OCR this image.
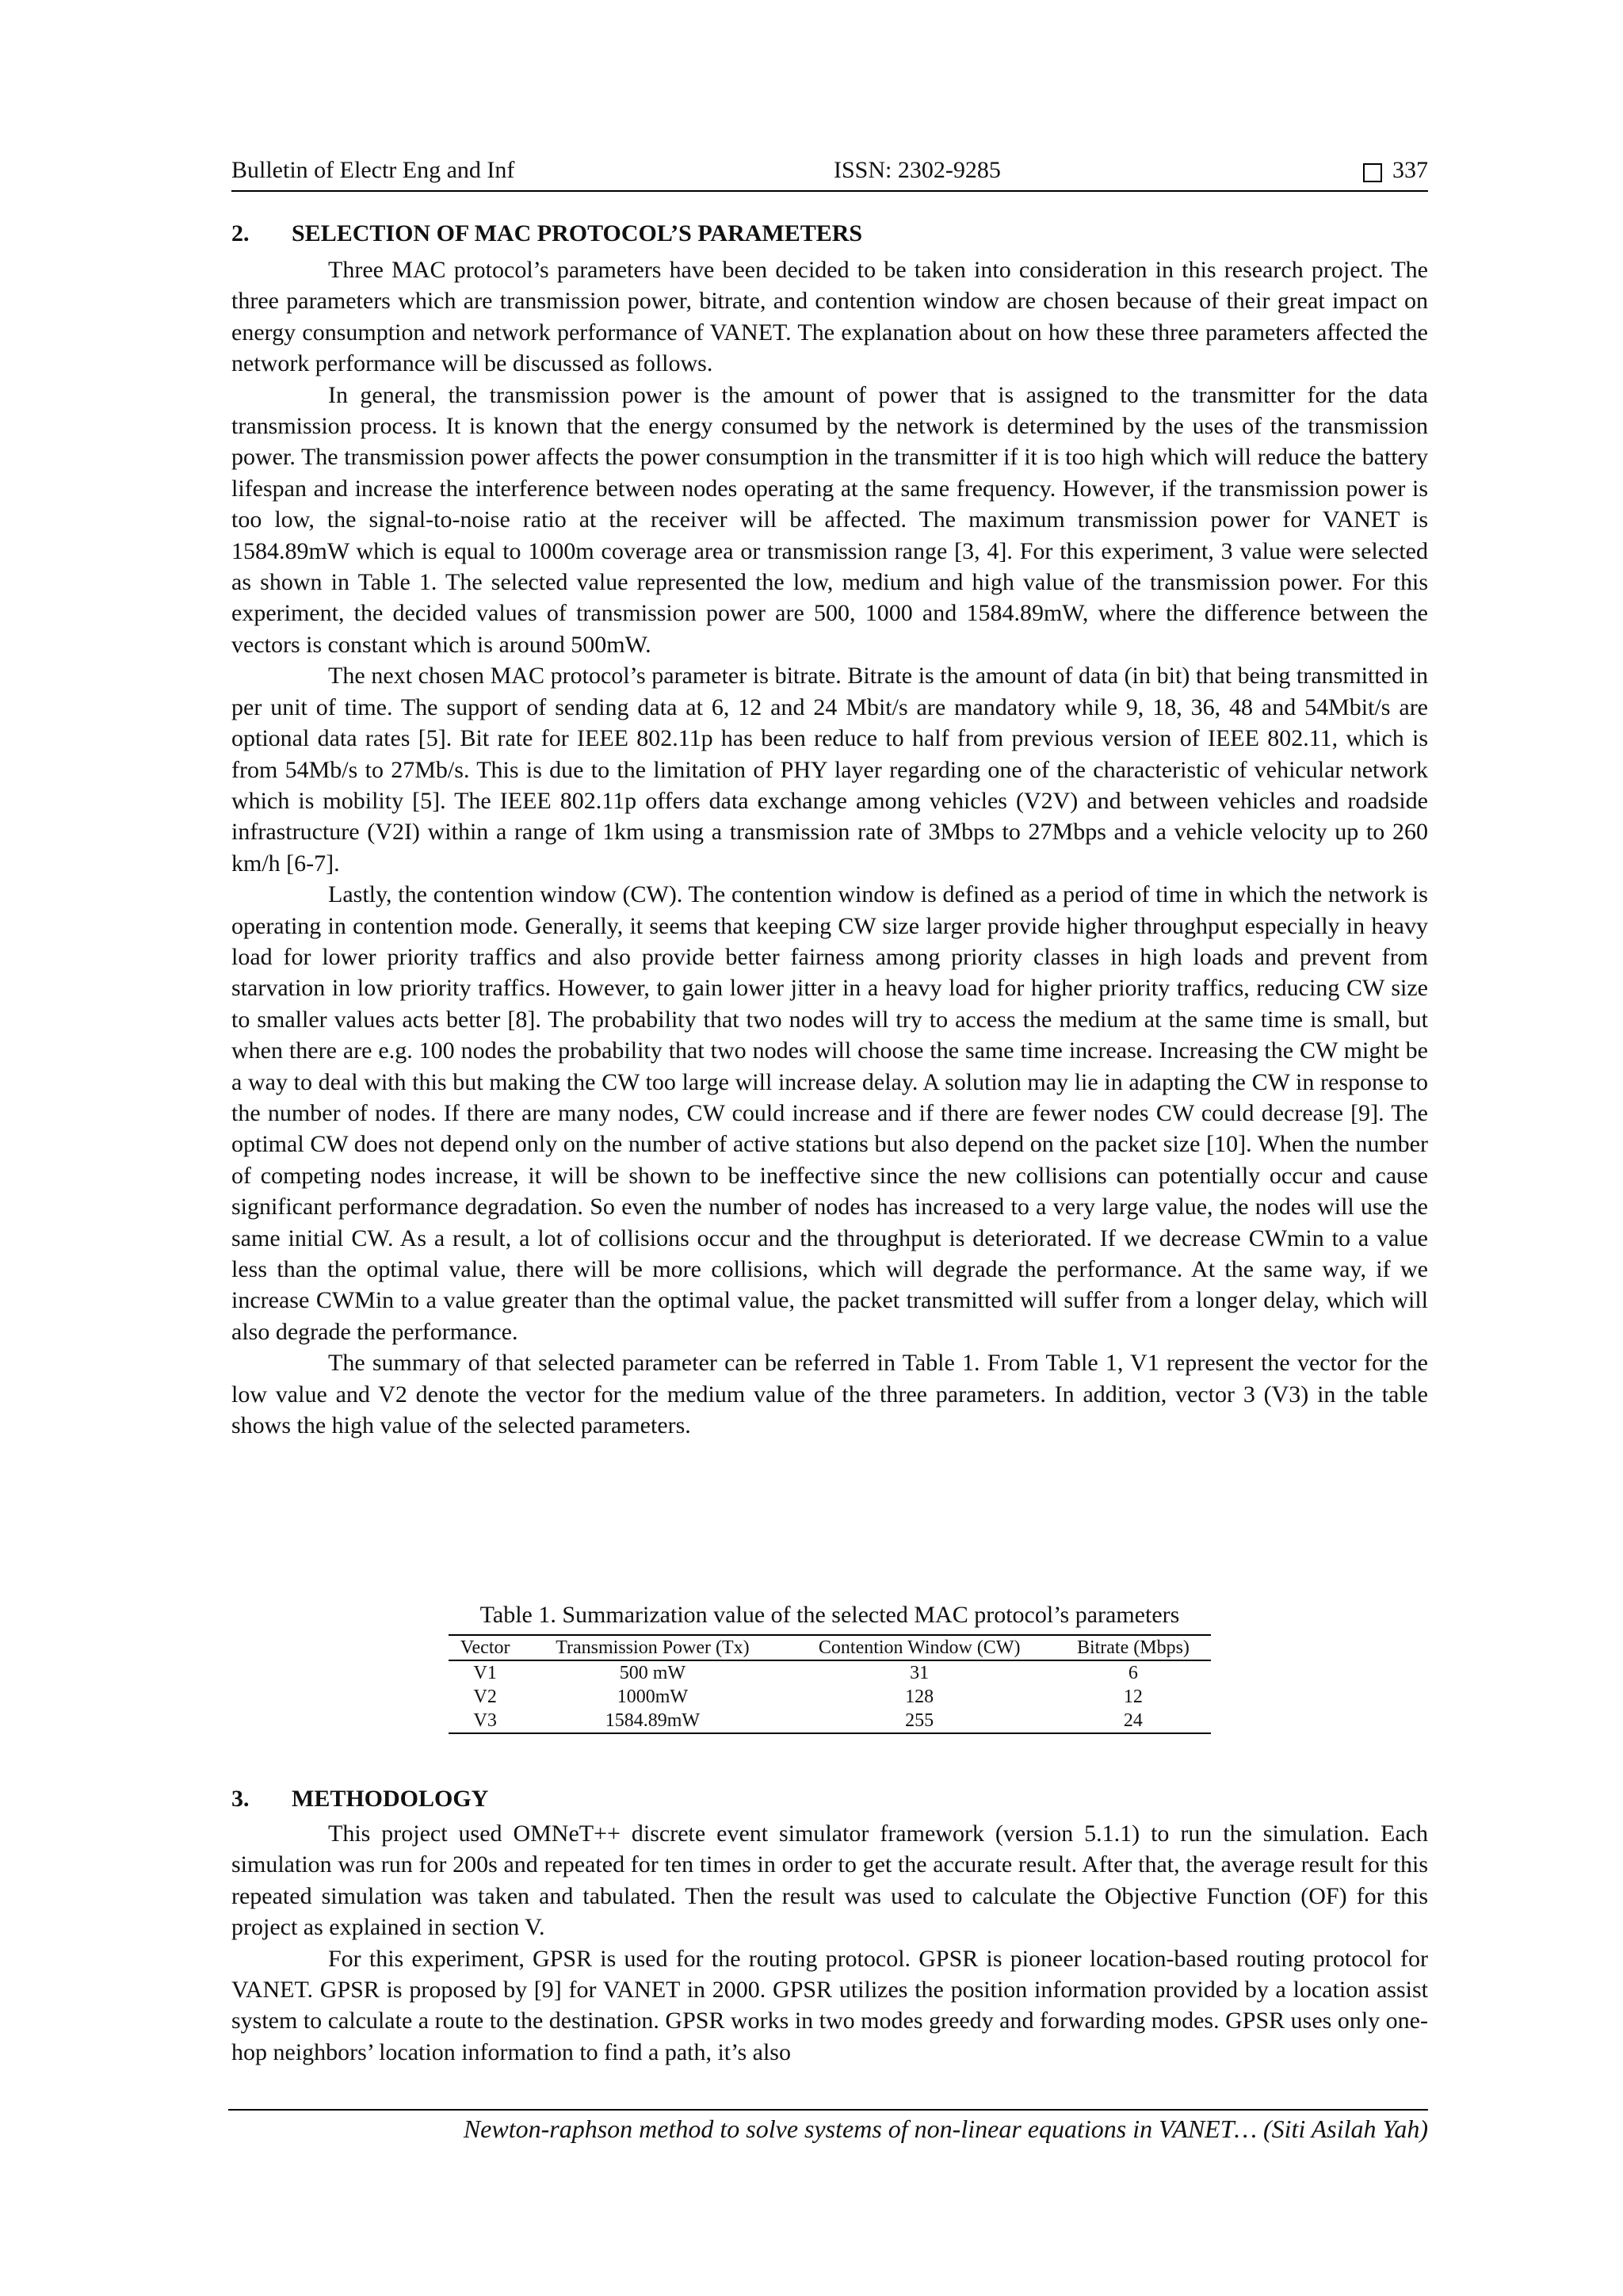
Bulletin of Electr Eng and Inf	ISSN: 2302-9285	337
2. SELECTION OF MAC PROTOCOL’S PARAMETERS

Three MAC protocol’s parameters have been decided to be taken into consideration in this research project. The three parameters which are transmission power, bitrate, and contention window are chosen because of their great impact on energy consumption and network performance of VANET. The explanation about on how these three parameters affected the network performance will be discussed as follows.

In general, the transmission power is the amount of power that is assigned to the transmitter for the data transmission process. It is known that the energy consumed by the network is determined by the uses of the transmission power. The transmission power affects the power consumption in the transmitter if it is too high which will reduce the battery lifespan and increase the interference between nodes operating at the same frequency. However, if the transmission power is too low, the signal-to-noise ratio at the receiver will be affected. The maximum transmission power for VANET is 1584.89mW which is equal to 1000m coverage area or transmission range [3, 4]. For this experiment, 3 value were selected as shown in Table 1. The selected value represented the low, medium and high value of the transmission power. For this experiment, the decided values of transmission power are 500, 1000 and 1584.89mW, where the difference between the vectors is constant which is around 500mW.

The next chosen MAC protocol’s parameter is bitrate. Bitrate is the amount of data (in bit) that being transmitted in per unit of time. The support of sending data at 6, 12 and 24 Mbit/s are mandatory while 9, 18, 36, 48 and 54Mbit/s are optional data rates [5]. Bit rate for IEEE 802.11p has been reduce to half from previous version of IEEE 802.11, which is from 54Mb/s to 27Mb/s. This is due to the limitation of PHY layer regarding one of the characteristic of vehicular network which is mobility [5]. The IEEE 802.11p offers data exchange among vehicles (V2V) and between vehicles and roadside infrastructure (V2I) within a range of 1km using a transmission rate of 3Mbps to 27Mbps and a vehicle velocity up to 260 km/h [6-7].

Lastly, the contention window (CW). The contention window is defined as a period of time in which the network is operating in contention mode. Generally, it seems that keeping CW size larger provide higher throughput especially in heavy load for lower priority traffics and also provide better fairness among priority classes in high loads and prevent from starvation in low priority traffics. However, to gain lower jitter in a heavy load for higher priority traffics, reducing CW size to smaller values acts better [8]. The probability that two nodes will try to access the medium at the same time is small, but when there are e.g. 100 nodes the probability that two nodes will choose the same time increase. Increasing the CW might be a way to deal with this but making the CW too large will increase delay. A solution may lie in adapting the CW in response to the number of nodes. If there are many nodes, CW could increase and if there are fewer nodes CW could decrease [9]. The optimal CW does not depend only on the number of active stations but also depend on the packet size [10]. When the number of competing nodes increase, it will be shown to be ineffective since the new collisions can potentially occur and cause significant performance degradation. So even the number of nodes has increased to a very large value, the nodes will use the same initial CW. As a result, a lot of collisions occur and the throughput is deteriorated. If we decrease CWmin to a value less than the optimal value, there will be more collisions, which will degrade the performance. At the same way, if we increase CWMin to a value greater than the optimal value, the packet transmitted will suffer from a longer delay, which will also degrade the performance.

The summary of that selected parameter can be referred in Table 1. From Table 1, V1 represent the vector for the low value and V2 denote the vector for the medium value of the three parameters. In addition, vector 3 (V3) in the table shows the high value of the selected parameters.

Table 1. Summarization value of the selected MAC protocol’s parameters
Vector	Transmission Power (Tx)	Contention Window (CW)	Bitrate (Mbps)
V1	500 mW	31	6
V2	1000mW	128	12
V3	1584.89mW	255	24
3. METHODOLOGY

This project used OMNeT++ discrete event simulator framework (version 5.1.1) to run the simulation. Each simulation was run for 200s and repeated for ten times in order to get the accurate result. After that, the average result for this repeated simulation was taken and tabulated. Then the result was used to calculate the Objective Function (OF) for this project as explained in section V.

For this experiment, GPSR is used for the routing protocol. GPSR is pioneer location-based routing protocol for VANET. GPSR is proposed by [9] for VANET in 2000. GPSR utilizes the position information provided by a location assist system to calculate a route to the destination. GPSR works in two modes greedy and forwarding modes. GPSR uses only one-hop neighbors’ location information to find a path, it’s also

Newton-raphson method to solve systems of non-linear equations in VANET… (Siti Asilah Yah)
